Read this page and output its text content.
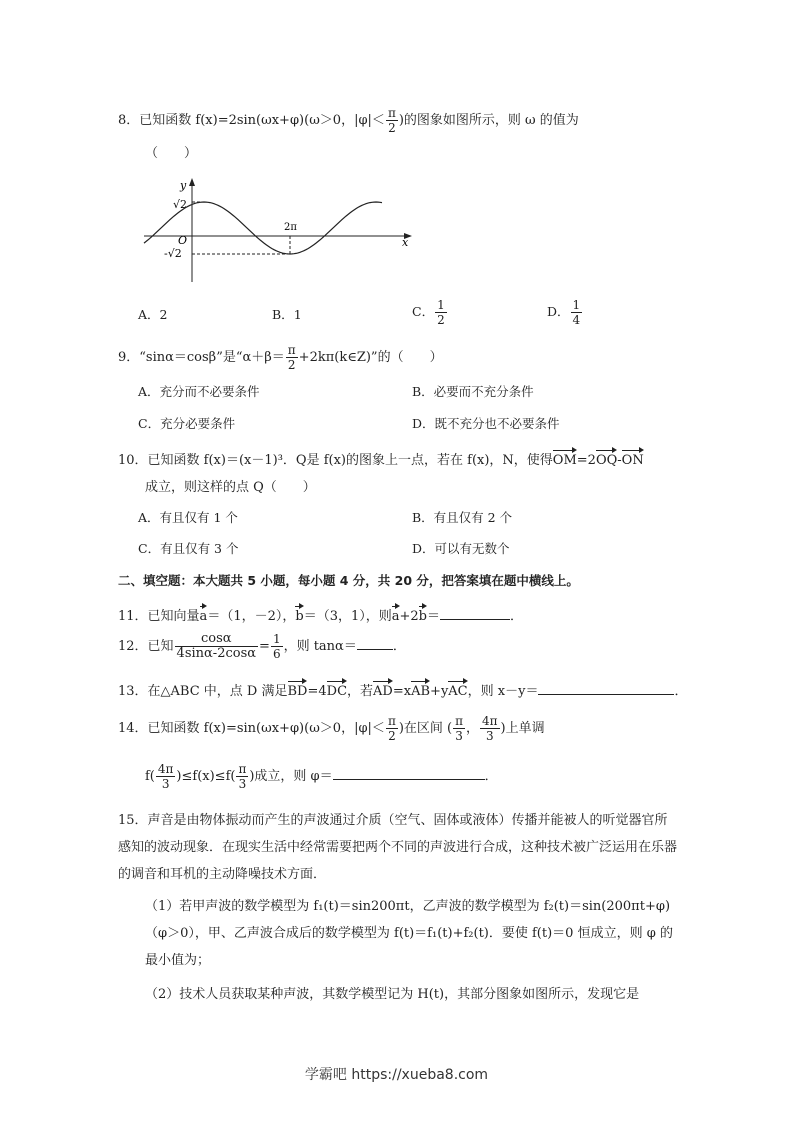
8．已知函数 f(x)=2sin(ωx+φ)(ω＞0，$|\varphi|< \frac{\pi}{2}$ )的图象如图所示，则 ω 的值为
（　　）
y
x
O
√2
-√2
2π
A．2	B．1	C． $\frac{1}{2}$	D． $\frac{1}{4}$
9．“sinα＝cosβ”是“$\alpha+\beta= \frac{\pi}{2}$ +2kπ(k∈Z)”的（　　）
A．充分而不必要条件	B．必要而不充分条件
C．充分必要条件	D．既不充分也不必要条件
10．已知函数 f(x)＝(x－1)³．Q是 f(x)的图象上一点，若在 f(x)，N，使得OM=2OQ-ON
成立，则这样的点 Q（　　）
A．有且仅有 1 个	B．有且仅有 2 个
C．有且仅有 3 个	D．可以有无数个
二、填空题：本大题共 5 小题，每小题 4 分，共 20 分，把答案填在题中横线上。
11．已知向量a＝（1，－2），b＝（3，1），则a+2b＝	．
12．已知 $\frac{\cos\alpha}{4\sin\alpha-2\cos\alpha} = \frac{1}{6}$ ，则 tanα＝	．
13．在△ABC 中，点 D 满足BD=4DC，若AD=xAB+yAC，则 x－y＝	．
14．已知函数 f(x)=sin(ωx+φ)(ω＞0，$|\varphi|< \frac{\pi}{2}$ )在区间 ( $\frac{\pi}{3}$ ， $\frac{4\pi}{3}$ )上单调
$f( \frac{4\pi}{3} )\le f(x)\le f( \frac{\pi}{3}$ )成立，则 φ＝	．
15．声音是由物体振动而产生的声波通过介质（空气、固体或液体）传播并能被人的听觉器官所感知的波动现象．在现实生活中经常需要把两个不同的声波进行合成，这种技术被广泛运用在乐器的调音和耳机的主动降噪技术方面．
（1）若甲声波的数学模型为 f₁(t)＝sin200πt，乙声波的数学模型为 f₂(t)＝sin(200πt+φ)（φ＞0），甲、乙声波合成后的数学模型为 f(t)＝f₁(t)+f₂(t)．要使 f(t)＝0 恒成立，则 φ 的最小值为；
（2）技术人员获取某种声波，其数学模型记为 H(t)，其部分图象如图所示，发现它是
学霸吧 https://xueba8.com
